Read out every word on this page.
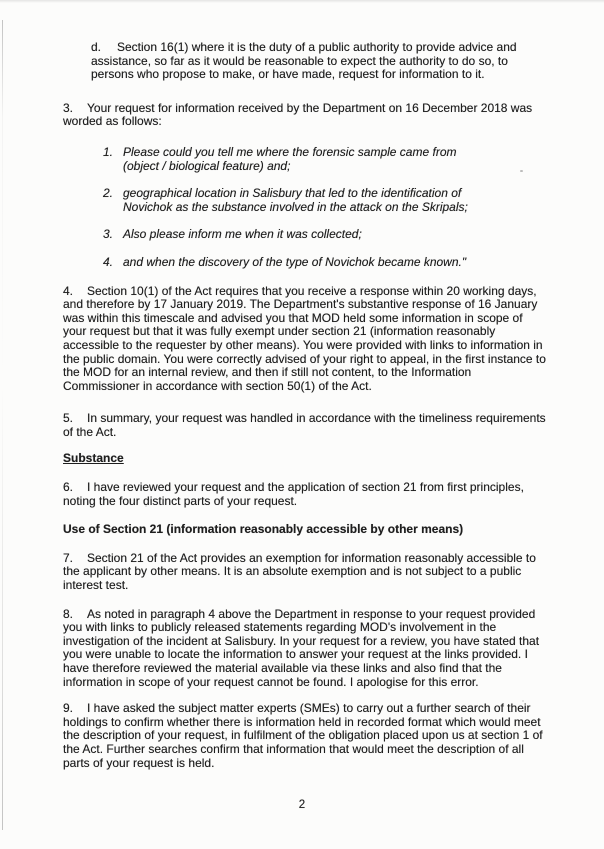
d. Section 16(1) where it is the duty of a public authority to provide advice and assistance, so far as it would be reasonable to expect the authority to do so, to persons who propose to make, or have made, request for information to it.
3. Your request for information received by the Department on 16 December 2018 was worded as follows:
1. Please could you tell me where the forensic sample came from (object / biological feature) and;
2. geographical location in Salisbury that led to the identification of Novichok as the substance involved in the attack on the Skripals;
3. Also please inform me when it was collected;
4. and when the discovery of the type of Novichok became known."
4. Section 10(1) of the Act requires that you receive a response within 20 working days, and therefore by 17 January 2019. The Department's substantive response of 16 January was within this timescale and advised you that MOD held some information in scope of your request but that it was fully exempt under section 21 (information reasonably accessible to the requester by other means). You were provided with links to information in the public domain. You were correctly advised of your right to appeal, in the first instance to the MOD for an internal review, and then if still not content, to the Information Commissioner in accordance with section 50(1) of the Act.
5. In summary, your request was handled in accordance with the timeliness requirements of the Act.
Substance
6. I have reviewed your request and the application of section 21 from first principles, noting the four distinct parts of your request.
Use of Section 21 (information reasonably accessible by other means)
7. Section 21 of the Act provides an exemption for information reasonably accessible to the applicant by other means. It is an absolute exemption and is not subject to a public interest test.
8. As noted in paragraph 4 above the Department in response to your request provided you with links to publicly released statements regarding MOD's involvement in the investigation of the incident at Salisbury. In your request for a review, you have stated that you were unable to locate the information to answer your request at the links provided. I have therefore reviewed the material available via these links and also find that the information in scope of your request cannot be found. I apologise for this error.
9. I have asked the subject matter experts (SMEs) to carry out a further search of their holdings to confirm whether there is information held in recorded format which would meet the description of your request, in fulfilment of the obligation placed upon us at section 1 of the Act. Further searches confirm that information that would meet the description of all parts of your request is held.
2
